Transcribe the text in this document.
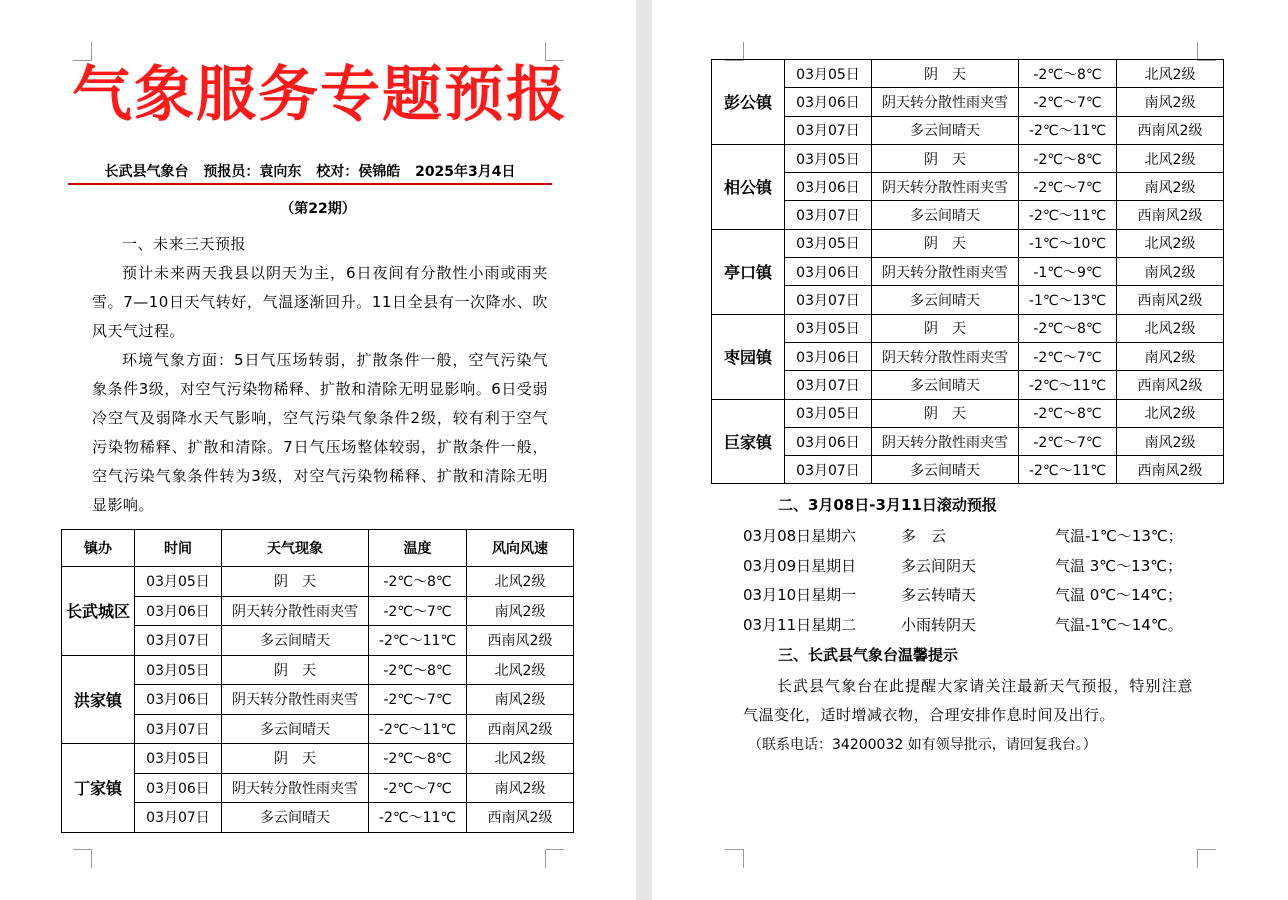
气象服务专题预报
长武县气象台 预报员：袁向东 校对：侯锦皓 2025年3月4日
（第22期）

一、未来三天预报

预计未来两天我县以阴天为主，6日夜间有分散性小雨或雨夹雪。7—10日天气转好，气温逐渐回升。11日全县有一次降水、吹风天气过程。

环境气象方面：5日气压场转弱，扩散条件一般，空气污染气象条件3级，对空气污染物稀释、扩散和清除无明显影响。6日受弱冷空气及弱降水天气影响，空气污染气象条件2级，较有利于空气污染物稀释、扩散和清除。7日气压场整体较弱，扩散条件一般，空气污染气象条件转为3级，对空气污染物稀释、扩散和清除无明显影响。

镇办	时间	天气现象	温度	风向风速
长武城区	03月05日	阴　天	-2℃～8℃	北风2级
	03月06日	阴天转分散性雨夹雪	-2℃～7℃	南风2级
	03月07日	多云间晴天	-2℃～11℃	西南风2级
洪家镇	03月05日	阴　天	-2℃～8℃	北风2级
	03月06日	阴天转分散性雨夹雪	-2℃～7℃	南风2级
	03月07日	多云间晴天	-2℃～11℃	西南风2级
丁家镇	03月05日	阴　天	-2℃～8℃	北风2级
	03月06日	阴天转分散性雨夹雪	-2℃～7℃	南风2级
	03月07日	多云间晴天	-2℃～11℃	西南风2级
彭公镇	03月05日	阴　天	-2℃～8℃	北风2级
	03月06日	阴天转分散性雨夹雪	-2℃～7℃	南风2级
	03月07日	多云间晴天	-2℃～11℃	西南风2级
相公镇	03月05日	阴　天	-2℃～8℃	北风2级
	03月06日	阴天转分散性雨夹雪	-2℃～7℃	南风2级
	03月07日	多云间晴天	-2℃～11℃	西南风2级
亭口镇	03月05日	阴　天	-1℃～10℃	北风2级
	03月06日	阴天转分散性雨夹雪	-1℃～9℃	南风2级
	03月07日	多云间晴天	-1℃～13℃	西南风2级
枣园镇	03月05日	阴　天	-2℃～8℃	北风2级
	03月06日	阴天转分散性雨夹雪	-2℃～7℃	南风2级
	03月07日	多云间晴天	-2℃～11℃	西南风2级
巨家镇	03月05日	阴　天	-2℃～8℃	北风2级
	03月06日	阴天转分散性雨夹雪	-2℃～7℃	南风2级
	03月07日	多云间晴天	-2℃～11℃	西南风2级
二、3月08日-3月11日滚动预报
03月08日星期六	多　云	气温-1℃～13℃；
03月09日星期日	多云间阴天	气温 3℃～13℃；
03月10日星期一	多云转晴天	气温 0℃～14℃；
03月11日星期二	小雨转阴天	气温-1℃～14℃。
三、长武县气象台温馨提示

长武县气象台在此提醒大家请关注最新天气预报，特别注意气温变化，适时增减衣物，合理安排作息时间及出行。

（联系电话：34200032 如有领导批示，请回复我台。）
